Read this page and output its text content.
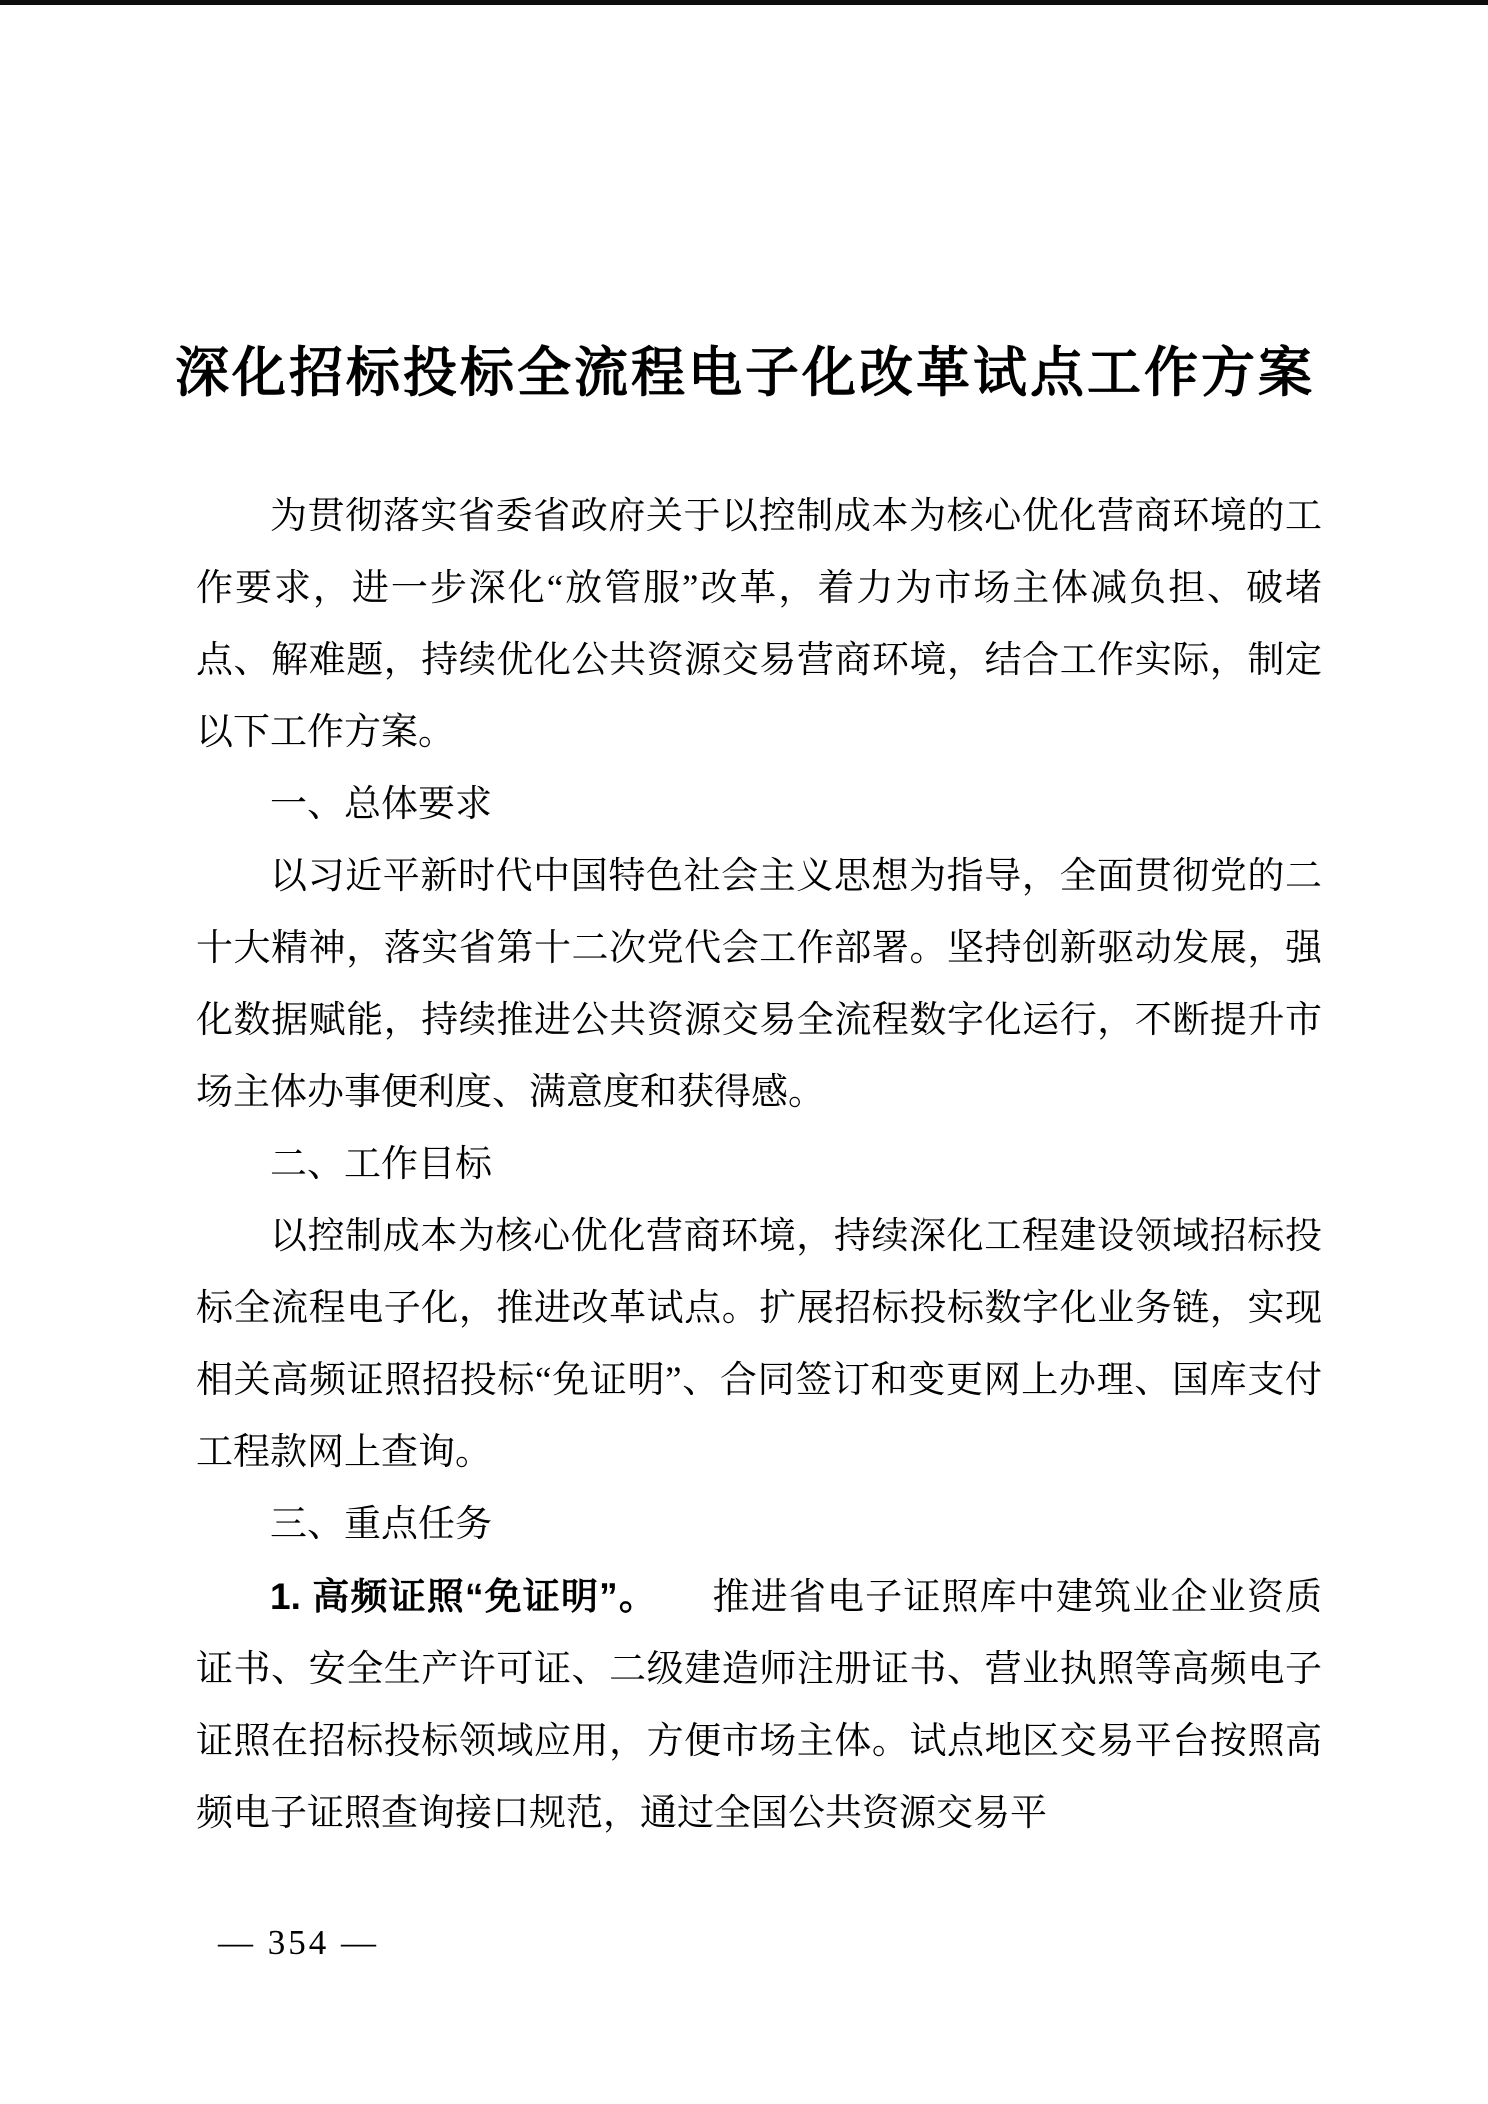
深化招标投标全流程电子化改革试点工作方案

为贯彻落实省委省政府关于以控制成本为核心优化营商环境的工作要求，进一步深化“放管服”改革，着力为市场主体减负担、破堵点、解难题，持续优化公共资源交易营商环境，结合工作实际，制定以下工作方案。

一、总体要求

以习近平新时代中国特色社会主义思想为指导，全面贯彻党的二十大精神，落实省第十二次党代会工作部署。坚持创新驱动发展，强化数据赋能，持续推进公共资源交易全流程数字化运行，不断提升市场主体办事便利度、满意度和获得感。

二、工作目标

以控制成本为核心优化营商环境，持续深化工程建设领域招标投标全流程电子化，推进改革试点。扩展招标投标数字化业务链，实现相关高频证照招投标“免证明”、合同签订和变更网上办理、国库支付工程款网上查询。

三、重点任务

1. 高频证照“免证明”。 推进省电子证照库中建筑业企业资质证书、安全生产许可证、二级建造师注册证书、营业执照等高频电子证照在招标投标领域应用，方便市场主体。试点地区交易平台按照高频电子证照查询接口规范，通过全国公共资源交易平

— 354 —
